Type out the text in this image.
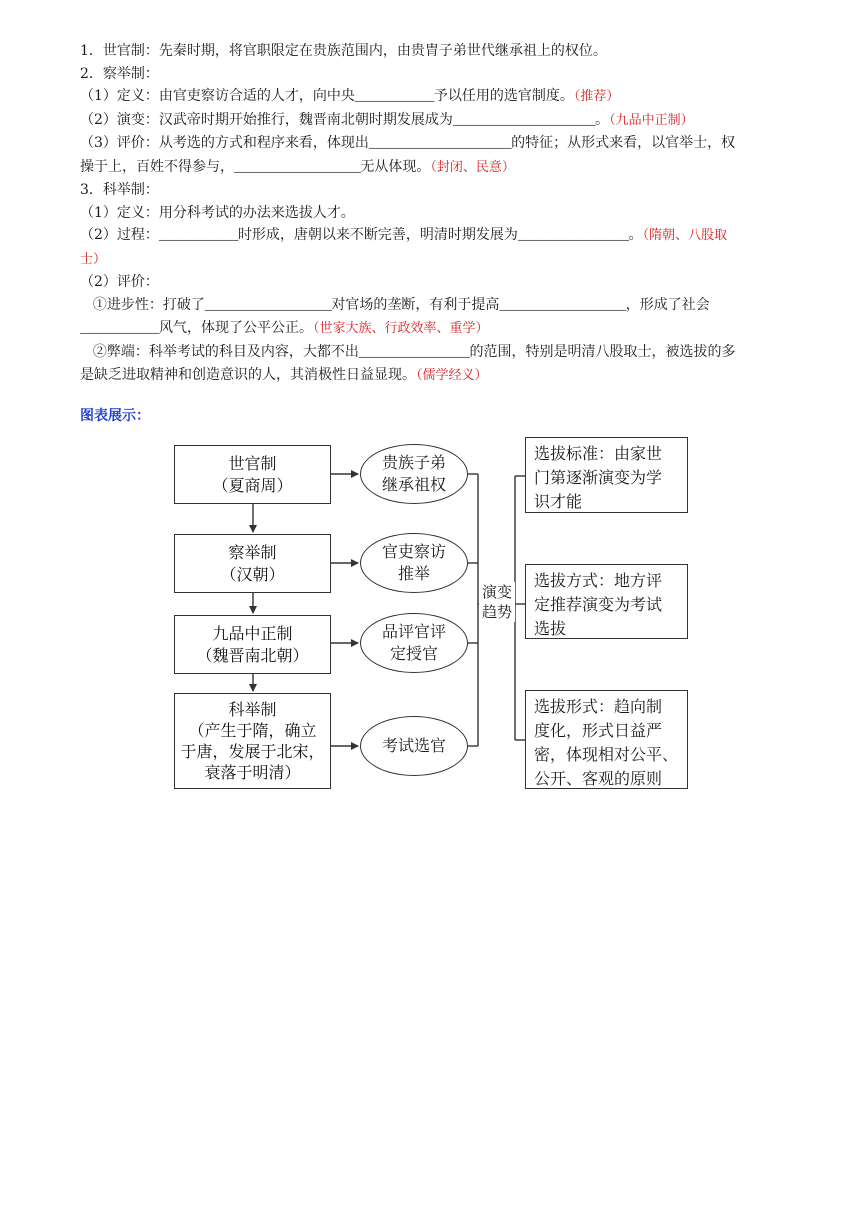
1．世官制：先秦时期，将官职限定在贵族范围内，由贵胄子弟世代继承祖上的权位。
2．察举制：
（1）定义：由官吏察访合适的人才，向中央__________予以任用的选官制度。（推荐）
（2）演变：汉武帝时期开始推行，魏晋南北朝时期发展成为__________________。（九品中正制）
（3）评价：从考选的方式和程序来看，体现出__________________的特征；从形式来看，以官举士，权
操于上，百姓不得参与，________________无从体现。（封闭、民意）
3．科举制：
（1）定义：用分科考试的办法来选拔人才。
（2）过程：__________时形成，唐朝以来不断完善，明清时期发展为______________。（隋朝、八股取
士）
（2）评价：
①进步性：打破了________________对官场的垄断，有利于提高________________，形成了社会
__________风气，体现了公平公正。（世家大族、行政效率、重学）
②弊端：科举考试的科目及内容，大都不出______________的范围，特别是明清八股取士，被选拔的多
是缺乏进取精神和创造意识的人，其消极性日益显现。（儒学经义）
图表展示：
世官制
（夏商周）
察举制
（汉朝）
九品中正制
（魏晋南北朝）
科举制
（产生于隋，确立
于唐，发展于北宋，
衰落于明清）
贵族子弟
继承祖权
官吏察访
推举
品评官评
定授官
考试选官
演变
趋势
选拔标准：由家世
门第逐渐演变为学
识才能
选拔方式：地方评
定推荐演变为考试
选拔
选拔形式：趋向制
度化，形式日益严
密，体现相对公平、
公开、客观的原则
